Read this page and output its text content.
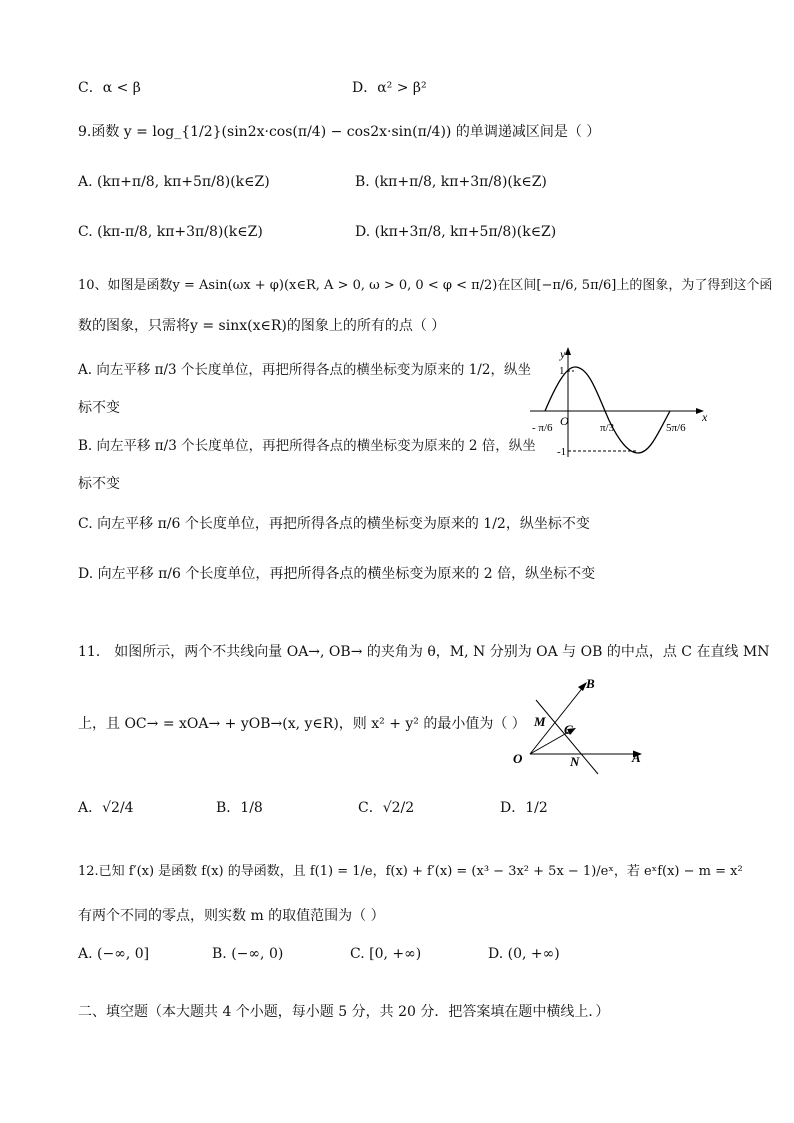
C．α < β	D．α² > β²
9.函数 y = log_{1/2}(sin2x·cos(π/4) − cos2x·sin(π/4)) 的单调递减区间是（ ）
A. (kπ+π/8, kπ+5π/8)(k∈Z)	B. (kπ+π/8, kπ+3π/8)(k∈Z)
C. (kπ-π/8, kπ+3π/8)(k∈Z)	D. (kπ+3π/8, kπ+5π/8)(k∈Z)
10、如图是函数y = Asin(ωx + φ)(x∈R, A > 0, ω > 0, 0 < φ < π/2)在区间[−π/6, 5π/6]上的图象，为了得到这个函
数的图象，只需将y = sinx(x∈R)的图象上的所有的点（ ）
A. 向左平移 π/3 个长度单位，再把所得各点的横坐标变为原来的 1/2，纵坐
标不变
B. 向左平移 π/3 个长度单位，再把所得各点的横坐标变为原来的 2 倍，纵坐
标不变
C. 向左平移 π/6 个长度单位，再把所得各点的横坐标变为原来的 1/2，纵坐标不变
D. 向左平移 π/6 个长度单位，再把所得各点的横坐标变为原来的 2 倍，纵坐标不变
y
x
1
-1
O
- π/6	π/3	5π/6
11． 如图所示，两个不共线向量 OA→, OB→ 的夹角为 θ，M, N 分别为 OA 与 OB 的中点，点 C 在直线 MN
上，且 OC→ = xOA→ + yOB→(x, y∈R)，则 x² + y² 的最小值为（ ）
B
M
C
O	N	A
A．√2/4	B．1/8	C．√2/2	D．1/2
12.已知 f′(x) 是函数 f(x) 的导函数，且 f(1) = 1/e，f(x) + f′(x) = (x³ − 3x² + 5x − 1)/eˣ，若 eˣf(x) − m = x²
有两个不同的零点，则实数 m 的取值范围为（ ）
A. (−∞, 0]	B. (−∞, 0)	C. [0, +∞)	D. (0, +∞)
二、填空题（本大题共 4 个小题，每小题 5 分，共 20 分．把答案填在题中横线上．）
